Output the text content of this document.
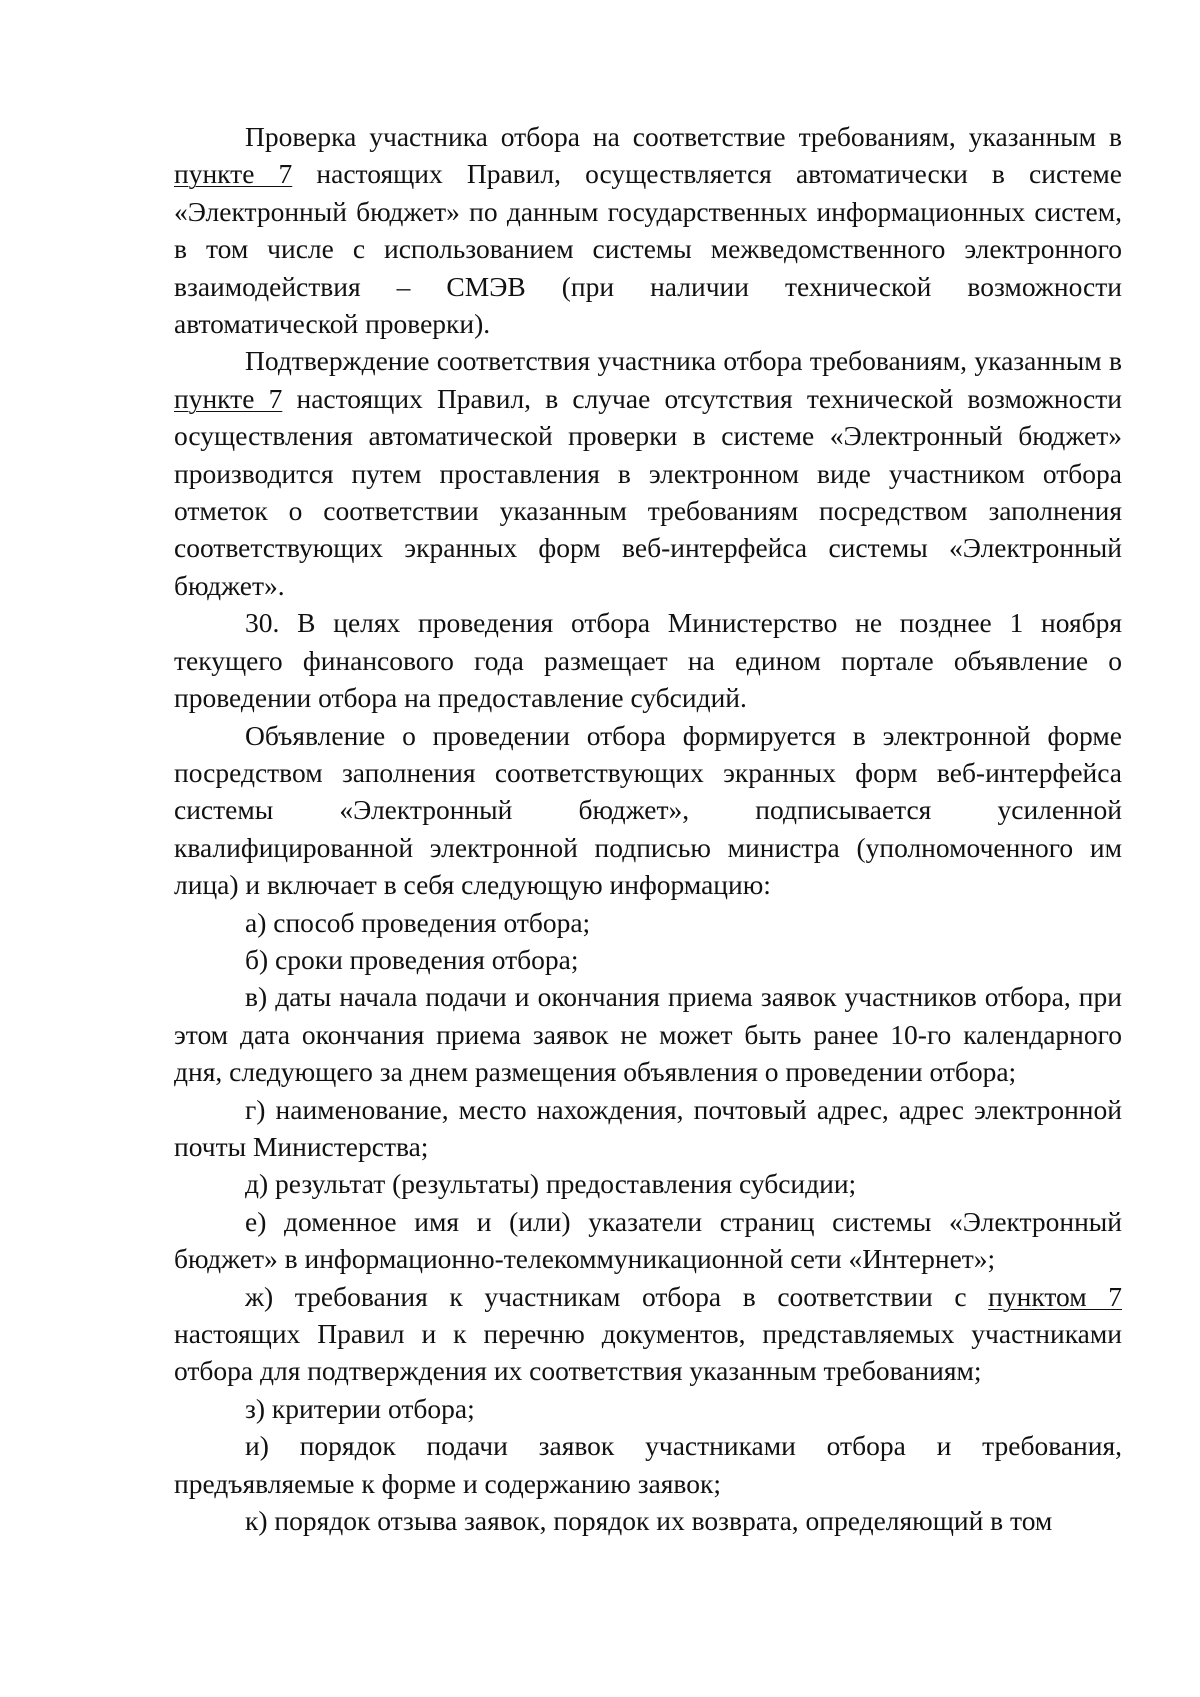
Проверка участника отбора на соответствие требованиям, указанным в пункте 7 настоящих Правил, осуществляется автоматически в системе «Электронный бюджет» по данным государственных информационных систем, в том числе с использованием системы межведомственного электронного взаимодействия – СМЭВ (при наличии технической возможности автоматической проверки).

Подтверждение соответствия участника отбора требованиям, указанным в пункте 7 настоящих Правил, в случае отсутствия технической возможности осуществления автоматической проверки в системе «Электронный бюджет» производится путем проставления в электронном виде участником отбора отметок о соответствии указанным требованиям посредством заполнения соответствующих экранных форм веб-интерфейса системы «Электронный бюджет».

30. В целях проведения отбора Министерство не позднее 1 ноября текущего финансового года размещает на едином портале объявление о проведении отбора на предоставление субсидий.

Объявление о проведении отбора формируется в электронной форме посредством заполнения соответствующих экранных форм веб-интерфейса системы «Электронный бюджет», подписывается усиленной квалифицированной электронной подписью министра (уполномоченного им лица) и включает в себя следующую информацию:

а) способ проведения отбора;

б) сроки проведения отбора;

в) даты начала подачи и окончания приема заявок участников отбора, при этом дата окончания приема заявок не может быть ранее 10-го календарного дня, следующего за днем размещения объявления о проведении отбора;

г) наименование, место нахождения, почтовый адрес, адрес электронной почты Министерства;

д) результат (результаты) предоставления субсидии;

е) доменное имя и (или) указатели страниц системы «Электронный бюджет» в информационно-телекоммуникационной сети «Интернет»;

ж) требования к участникам отбора в соответствии с пунктом 7 настоящих Правил и к перечню документов, представляемых участниками отбора для подтверждения их соответствия указанным требованиям;

з) критерии отбора;

и) порядок подачи заявок участниками отбора и требования, предъявляемые к форме и содержанию заявок;

к) порядок отзыва заявок, порядок их возврата, определяющий в том
